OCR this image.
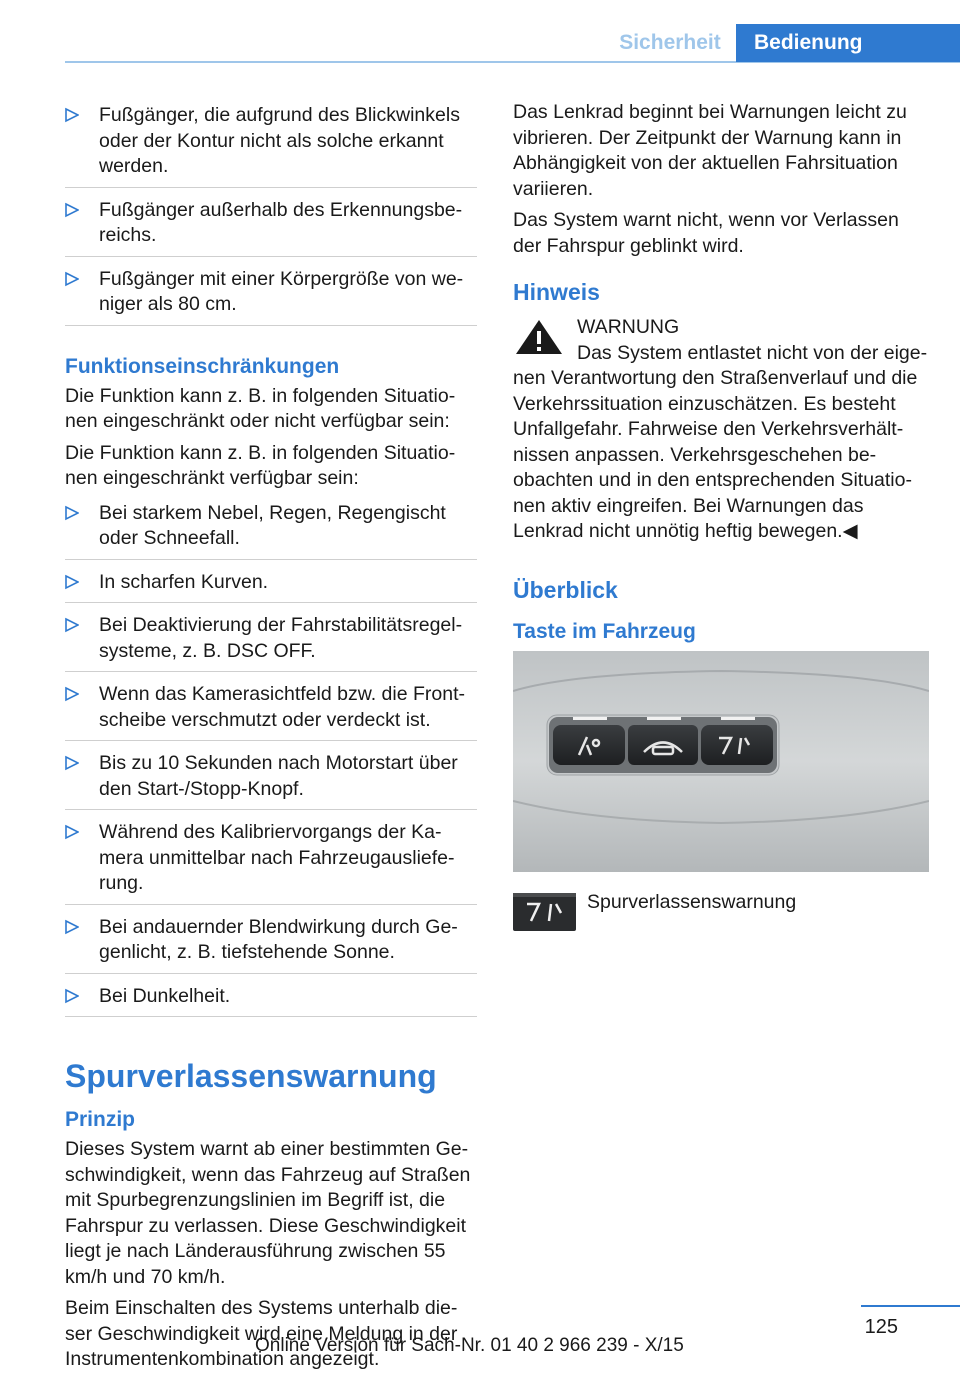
Sicherheit	Bedienung
Fußgänger, die aufgrund des Blickwinkels oder der Kontur nicht als solche erkannt werden.
Fußgänger außerhalb des Erkennungsbe‐ reichs.
Fußgänger mit einer Körpergröße von we‐ niger als 80 cm.
Funktionseinschränkungen

Die Funktion kann z. B. in folgenden Situatio‐ nen eingeschränkt oder nicht verfügbar sein:

Die Funktion kann z. B. in folgenden Situatio‐ nen eingeschränkt verfügbar sein:

Bei starkem Nebel, Regen, Regengischt oder Schneefall.
In scharfen Kurven.
Bei Deaktivierung der Fahrstabilitätsregel‐ systeme, z. B. DSC OFF.
Wenn das Kamerasichtfeld bzw. die Front‐ scheibe verschmutzt oder verdeckt ist.
Bis zu 10 Sekunden nach Motorstart über den Start-/Stopp-Knopf.
Während des Kalibriervorgangs der Ka‐ mera unmittelbar nach Fahrzeugausliefe‐ rung.
Bei andauernder Blendwirkung durch Ge‐ genlicht, z. B. tiefstehende Sonne.
Bei Dunkelheit.
Spurverlassenswarnung
Prinzip

Dieses System warnt ab einer bestimmten Ge‐ schwindigkeit, wenn das Fahrzeug auf Straßen mit Spurbegrenzungslinien im Begriff ist, die Fahrspur zu verlassen. Diese Geschwindigkeit liegt je nach Länderausführung zwischen 55 km/h und 70 km/h.

Beim Einschalten des Systems unterhalb die‐ ser Geschwindigkeit wird eine Meldung in der Instrumentenkombination angezeigt.

Das Lenkrad beginnt bei Warnungen leicht zu vibrieren. Der Zeitpunkt der Warnung kann in Abhängigkeit von der aktuellen Fahrsituation variieren.

Das System warnt nicht, wenn vor Verlassen der Fahrspur geblinkt wird.

Hinweis
WARNUNG
Das System entlastet nicht von der eige‐ nen Verantwortung den Straßenverlauf und die Verkehrssituation einzuschätzen. Es besteht Unfallgefahr. Fahrweise den Verkehrsverhält‐ nissen anpassen. Verkehrsgeschehen be‐ obachten und in den entsprechenden Situatio‐ nen aktiv eingreifen. Bei Warnungen das Lenkrad nicht unnötig heftig bewegen.◀
Überblick
Taste im Fahrzeug
Spurverlassenswarnung
125
Online Version für Sach-Nr. 01 40 2 966 239 - X/15
